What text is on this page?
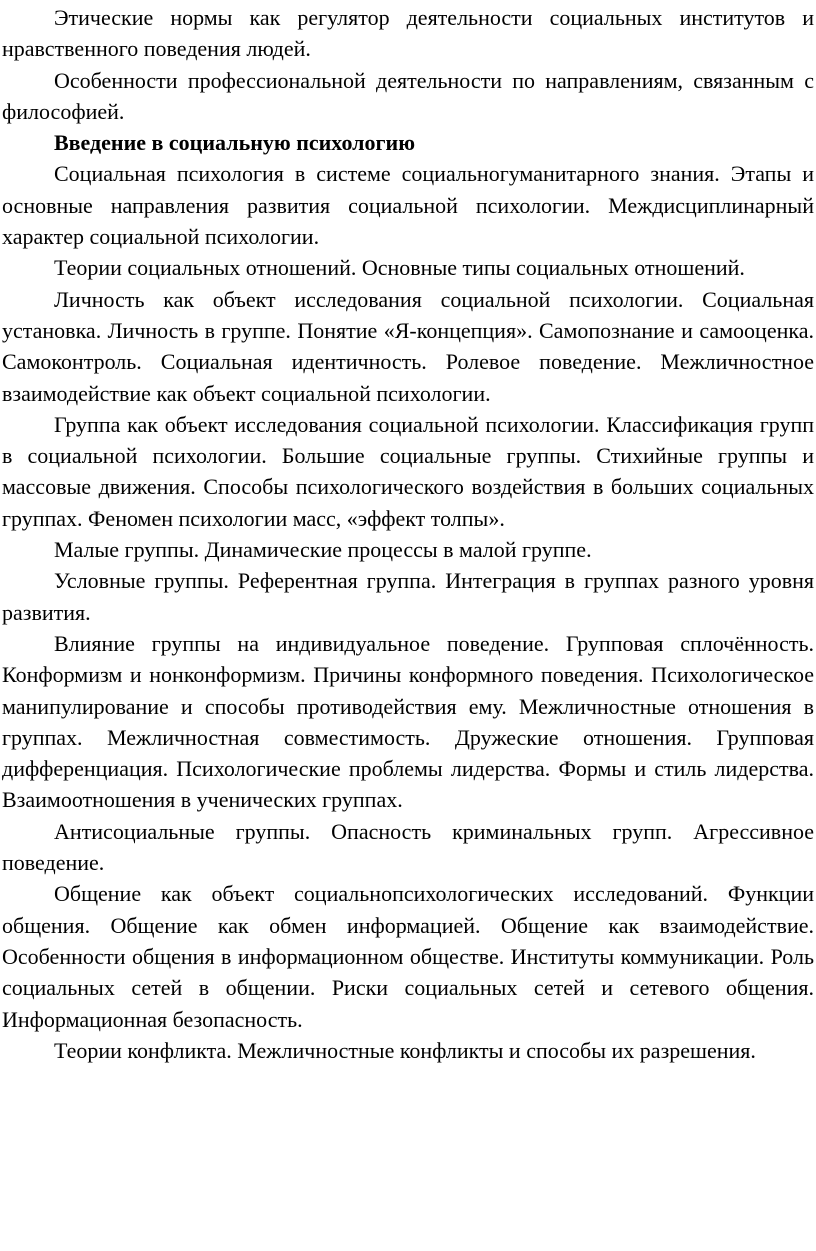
Этические нормы как регулятор деятельности социальных институтов и нравственного поведения людей.

Особенности профессиональной деятельности по направлениям, связанным с философией.

Введение в социальную психологию

Социальная психология в системе социальногуманитарного знания. Этапы и основные направления развития социальной психологии. Междисциплинарный характер социальной психологии.

Теории социальных отношений. Основные типы социальных отношений.

Личность как объект исследования социальной психологии. Социальная установка. Личность в группе. Понятие «Я-концепция». Самопознание и самооценка. Самоконтроль. Социальная идентичность. Ролевое поведение. Межличностное взаимодействие как объект социальной психологии.

Группа как объект исследования социальной психологии. Классификация групп в социальной психологии. Большие социальные группы. Стихийные группы и массовые движения. Способы психологического воздействия в больших социальных группах. Феномен психологии масс, «эффект толпы».

Малые группы. Динамические процессы в малой группе.

Условные группы. Референтная группа. Интеграция в группах разного уровня развития.

Влияние группы на индивидуальное поведение. Групповая сплочённость. Конформизм и нонконформизм. Причины конформного поведения. Психологическое манипулирование и способы противодействия ему. Межличностные отношения в группах. Межличностная совместимость. Дружеские отношения. Групповая дифференциация. Психологические проблемы лидерства. Формы и стиль лидерства. Взаимоотношения в ученических группах.

Антисоциальные группы. Опасность криминальных групп. Агрессивное поведение.

Общение как объект социальнопсихологических исследований. Функции общения. Общение как обмен информацией. Общение как взаимодействие. Особенности общения в информационном обществе. Институты коммуникации. Роль социальных сетей в общении. Риски социальных сетей и сетевого общения. Информационная безопасность.

Теории конфликта. Межличностные конфликты и способы их разрешения.
